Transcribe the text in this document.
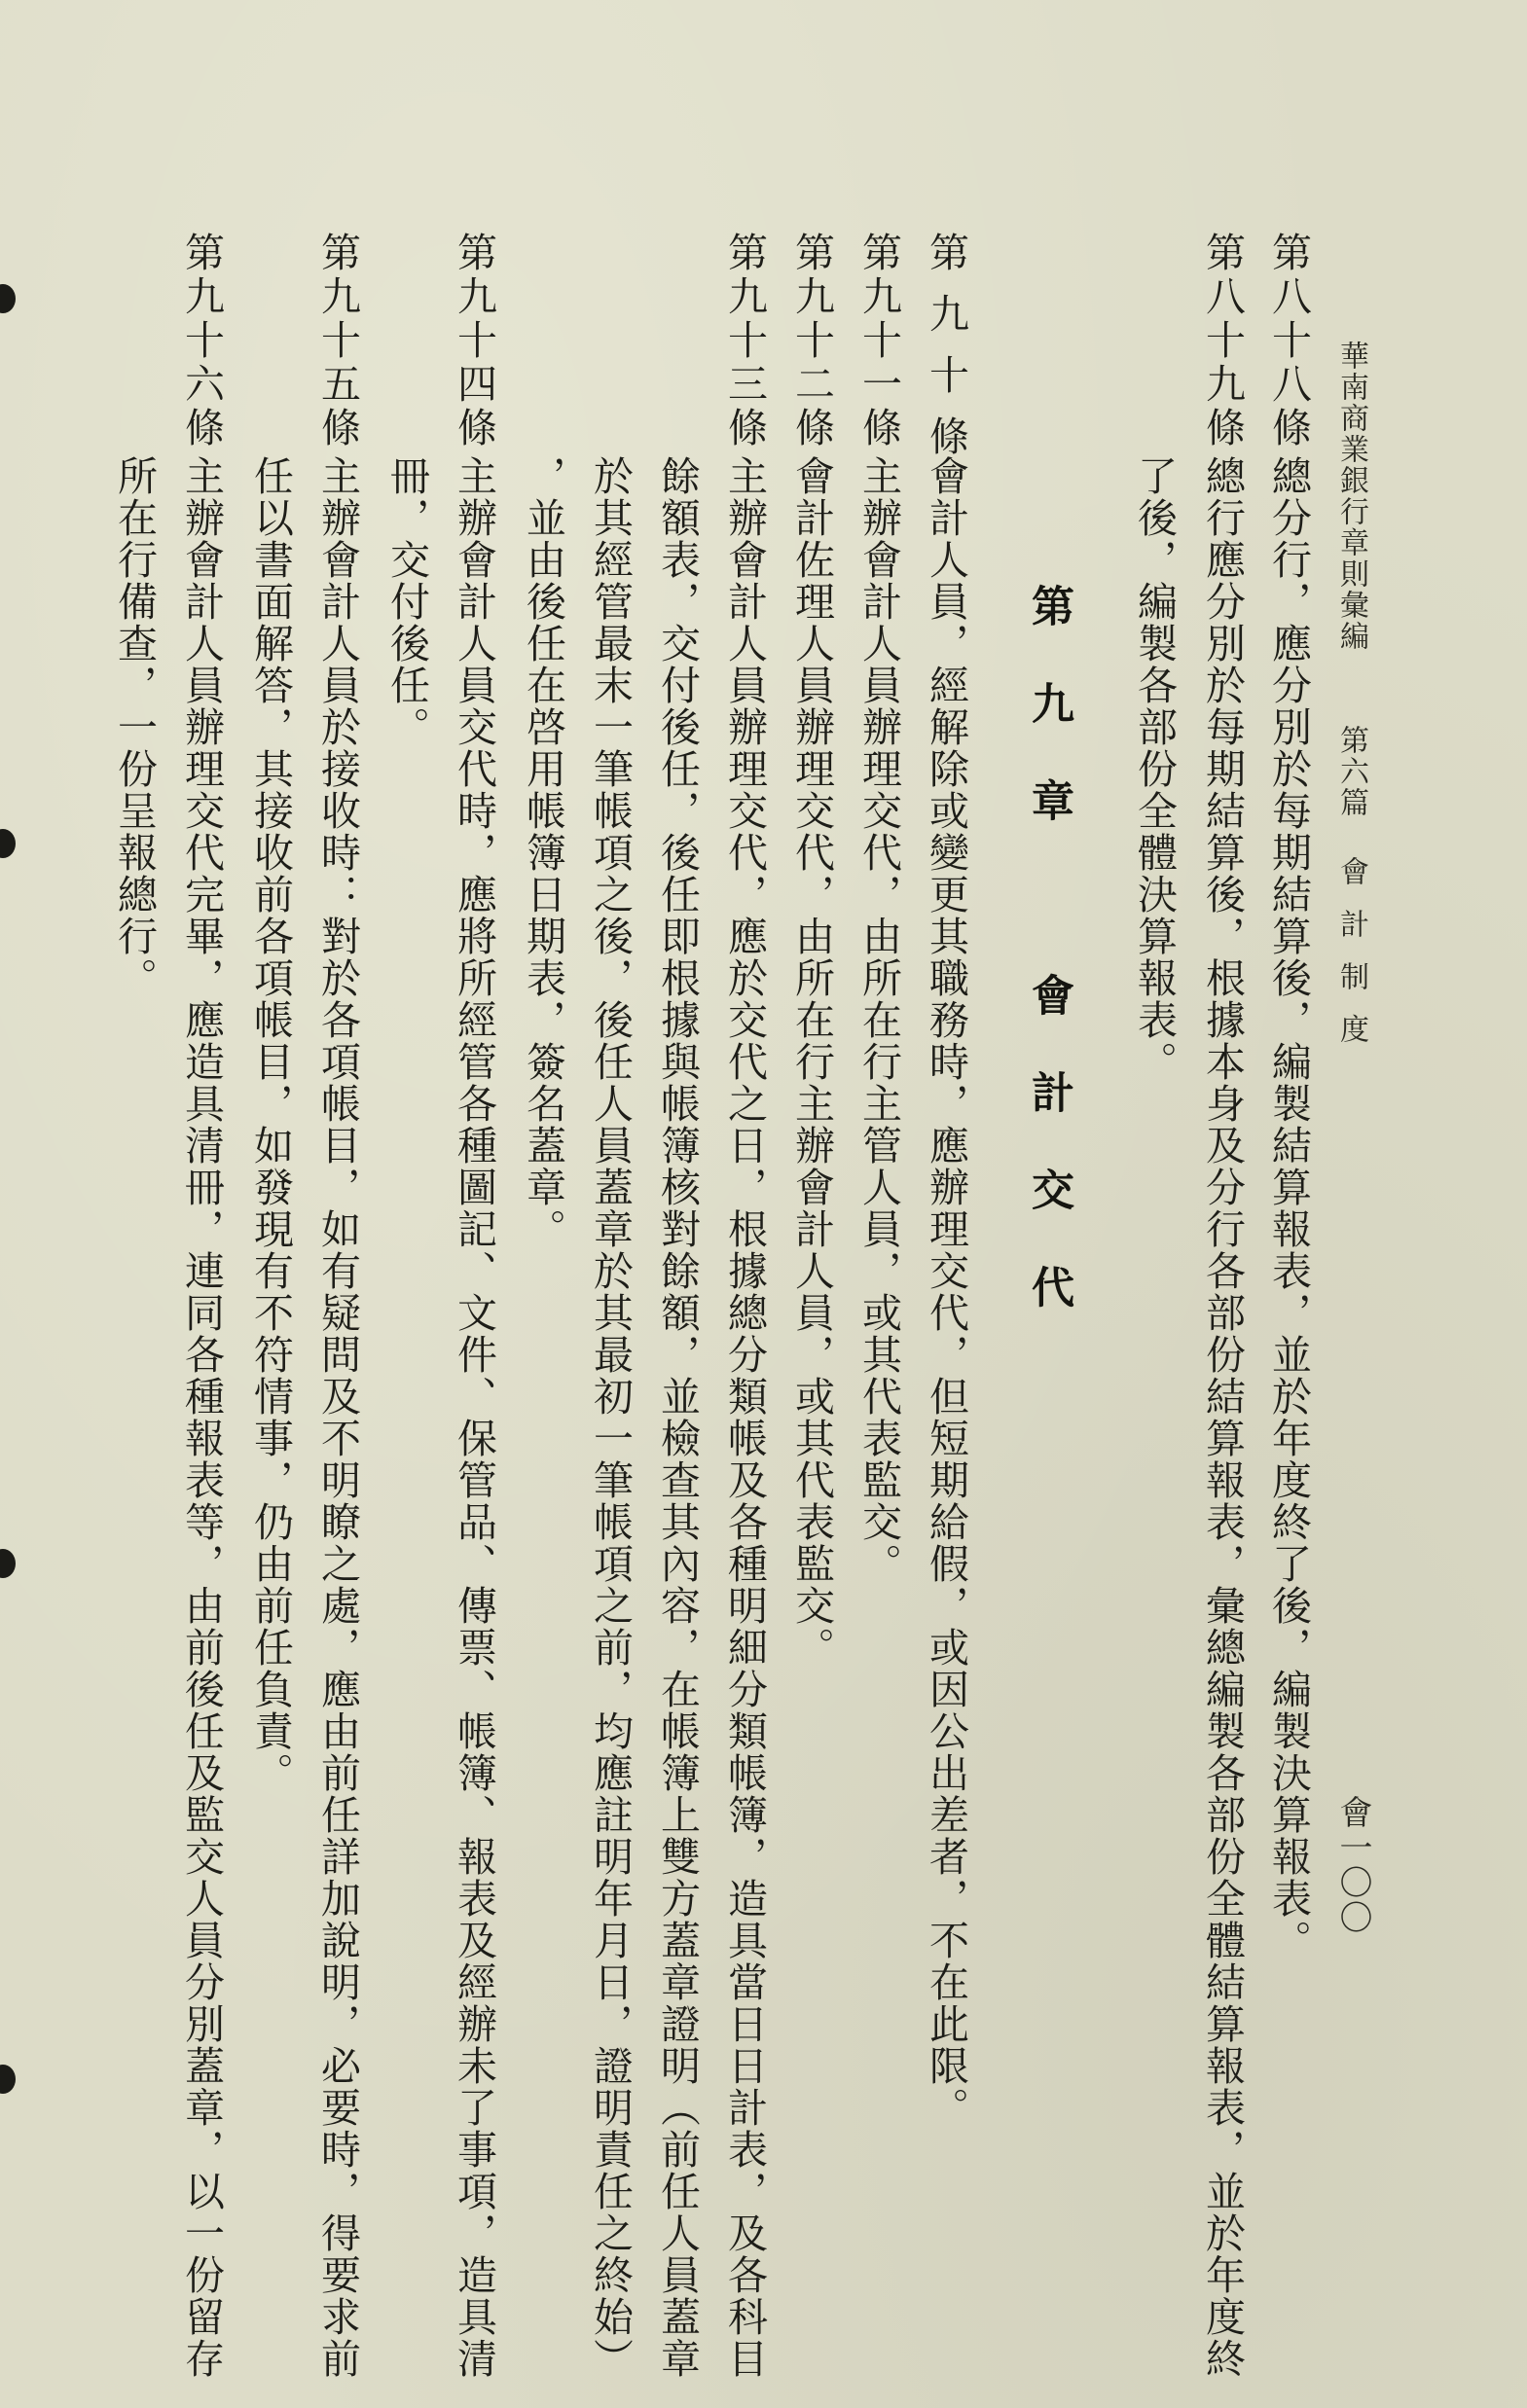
華南商業銀行章則彙編
第六篇
會計制度
會一〇〇
第八十八條
總分行，應分別於每期結算後，編製結算報表，並於年度終了後，編製決算報表。
第八十九條
總行應分別於每期結算後，根據本身及分行各部份結算報表，彙總編製各部份全體結算報表，並於年度終
了後，編製各部份全體決算報表。
第九章　會計交代
第九十條
會計人員，經解除或變更其職務時，應辦理交代，但短期給假，或因公出差者，不在此限。
第九十一條
主辦會計人員辦理交代，由所在行主管人員，或其代表監交。
第九十二條
會計佐理人員辦理交代，由所在行主辦會計人員，或其代表監交。
第九十三條
主辦會計人員辦理交代，應於交代之日，根據總分類帳及各種明細分類帳簿，造具當日日計表，及各科目
餘額表，交付後任，後任即根據與帳簿核對餘額，並檢查其內容，在帳簿上雙方蓋章證明（前任人員蓋章
於其經管最末一筆帳項之後，後任人員蓋章於其最初一筆帳項之前，均應註明年月日，證明責任之終始）
，並由後任在啓用帳簿日期表，簽名蓋章。
第九十四條
主辦會計人員交代時，應將所經管各種圖記、文件、保管品、傳票、帳簿、報表及經辦未了事項，造具清
冊，交付後任。
第九十五條
主辦會計人員於接收時：對於各項帳目，如有疑問及不明瞭之處，應由前任詳加說明，必要時，得要求前
任以書面解答，其接收前各項帳目，如發現有不符情事，仍由前任負責。
第九十六條
主辦會計人員辦理交代完畢，應造具清冊，連同各種報表等，由前後任及監交人員分別蓋章，以一份留存
所在行備查，一份呈報總行。
